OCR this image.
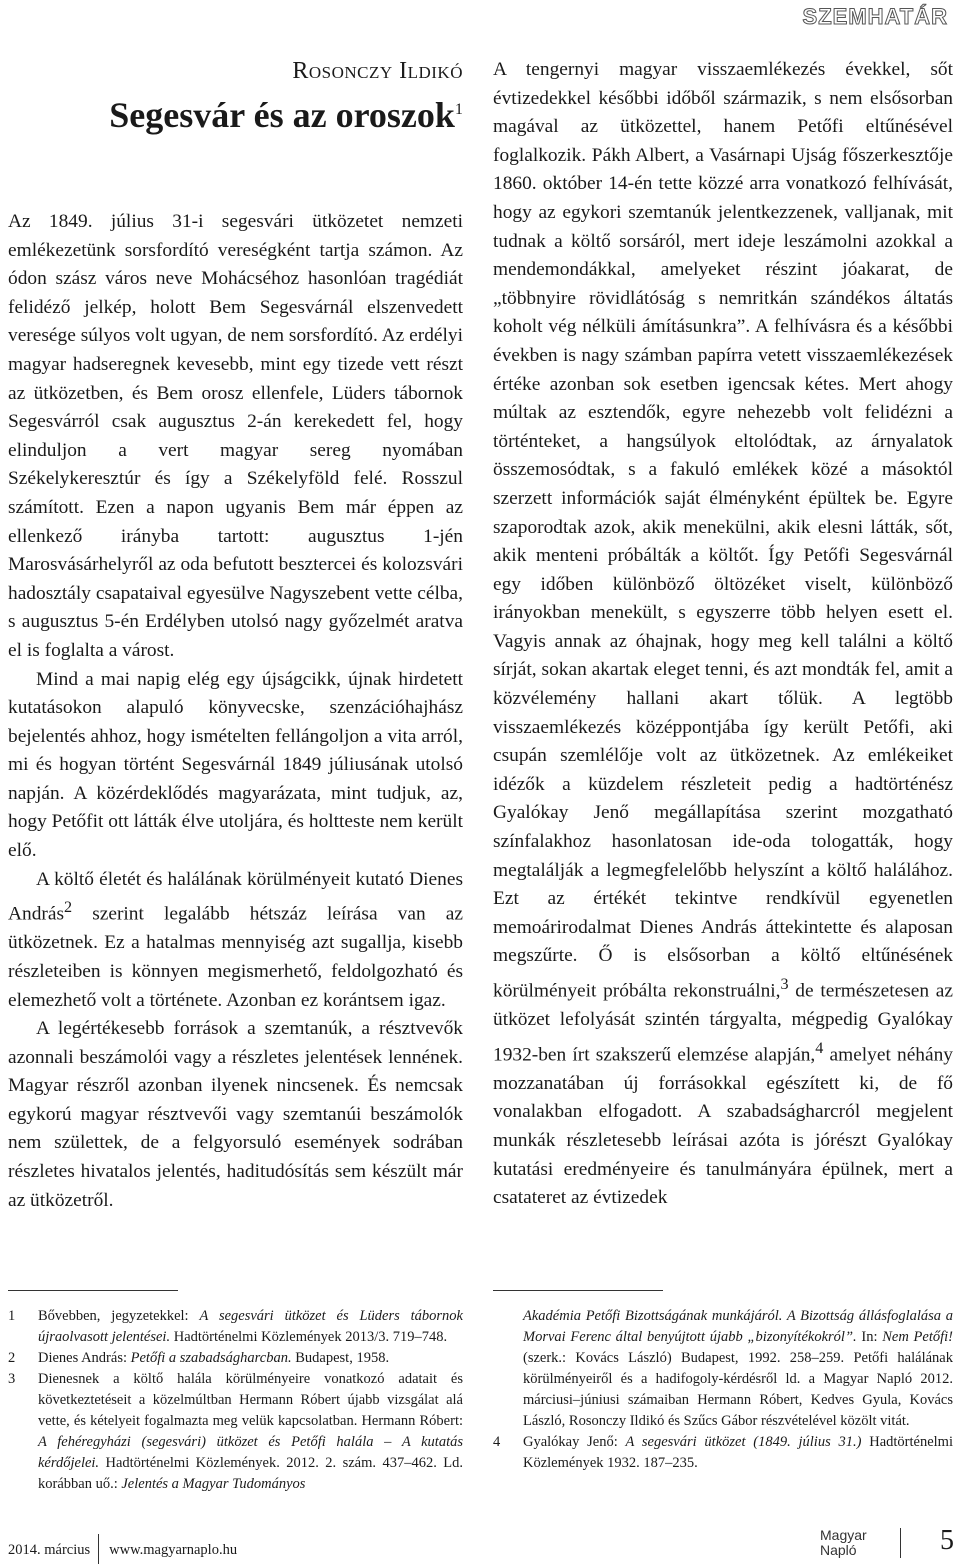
SZEMHATÁR
Rosonczy Ildikó
Segesvár és az oroszok$^1$

Az 1849. július 31-i segesvári ütközetet nemzeti emlékezetünk sorsfordító vereségként tartja számon. Az ódon szász város neve Mohácséhoz hasonlóan tragédiát felidéző jelkép, holott Bem Segesvárnál elszenvedett veresége súlyos volt ugyan, de nem sorsfordító. Az erdélyi magyar hadseregnek kevesebb, mint egy tizede vett részt az ütközetben, és Bem orosz ellenfele, Lüders tábornok Segesvárról csak augusztus 2-án kerekedett fel, hogy elinduljon a vert magyar sereg nyomában Székelykeresztúr és így a Székelyföld felé. Rosszul számított. Ezen a napon ugyanis Bem már éppen az ellenkező irányba tartott: augusztus 1-jén Marosvásárhelyről az oda befutott besztercei és kolozsvári hadosztály csapataival egyesülve Nagyszebent vette célba, s augusztus 5-én Erdélyben utolsó nagy győzelmét aratva el is foglalta a várost.

Mind a mai napig elég egy újságcikk, újnak hirdetett kutatásokon alapuló könyvecske, szenzációhajhász bejelentés ahhoz, hogy ismételten fellángoljon a vita arról, mi és hogyan történt Segesvárnál 1849 júliusának utolsó napján. A közérdeklődés magyarázata, mint tudjuk, az, hogy Petőfit ott látták élve utoljára, és holtteste nem került elő.

A költő életét és halálának körülményeit kutató Dienes András$^2$ szerint legalább hétszáz leírása van az ütközetnek. Ez a hatalmas mennyiség azt sugallja, kisebb részleteiben is könnyen megismerhető, feldolgozható és elemezhető volt a története. Azonban ez korántsem igaz.

A legértékesebb források a szemtanúk, a résztvevők azonnali beszámolói vagy a részletes jelentések lennének. Magyar részről azonban ilyenek nincsenek. És nemcsak egykorú magyar résztvevői vagy szemtanúi beszámolók nem születtek, de a felgyorsuló események sodrában részletes hivatalos jelentés, haditudósítás sem készült már az ütközetről.

A tengernyi magyar visszaemlékezés évekkel, sőt évtizedekkel későbbi időből származik, s nem elsősorban magával az ütközettel, hanem Petőfi eltűnésével foglalkozik. Pákh Albert, a Vasárnapi Ujság főszerkesztője 1860. október 14-én tette közzé arra vonatkozó felhívását, hogy az egykori szemtanúk jelentkezzenek, valljanak, mit tudnak a költő sorsáról, mert ideje leszámolni azokkal a mendemondákkal, amelyeket részint jóakarat, de „többnyire rövidlátóság s nemritkán szándékos áltatás koholt vég nélküli ámításunkra”. A felhívásra és a későbbi években is nagy számban papírra vetett visszaemlékezések értéke azonban sok esetben igencsak kétes. Mert ahogy múltak az esztendők, egyre nehezebb volt felidézni a történteket, a hangsúlyok eltolódtak, az árnyalatok összemosódtak, s a fakuló emlékek közé a másoktól szerzett információk saját élményként épültek be. Egyre szaporodtak azok, akik menekülni, akik elesni látták, sőt, akik menteni próbálták a költőt. Így Petőfi Segesvárnál egy időben különböző öltözéket viselt, különböző irányokban menekült, s egyszerre több helyen esett el. Vagyis annak az óhajnak, hogy meg kell találni a költő sírját, sokan akartak eleget tenni, és azt mondták fel, amit a közvélemény hallani akart tőlük. A legtöbb visszaemlékezés középpontjába így került Petőfi, aki csupán szemlélője volt az ütközetnek. Az emlékeiket idézők a küzdelem részleteit pedig a hadtörténész Gyalókay Jenő megállapítása szerint mozgatható színfalakhoz hasonlatosan ide-oda tologatták, hogy megtalálják a legmegfelelőbb helyszínt a költő halálához. Ezt az értékét tekintve rendkívül egyenetlen memoárirodalmat Dienes András áttekintette és alaposan megszűrte. Ő is elsősorban a költő eltűnésének körülményeit próbálta rekonstruálni,$^3$ de természetesen az ütközet lefolyását szintén tárgyalta, mégpedig Gyalókay 1932-ben írt szakszerű elemzése alapján,$^4$ amelyet néhány mozzanatában új forrásokkal egészített ki, de fő vonalakban elfogadott. A szabadságharcról megjelent munkák részletesebb leírásai azóta is jórészt Gyalókay kutatási eredményeire és tanulmányára épülnek, mert a csatateret az évtizedek

1 Bővebben, jegyzetekkel: A segesvári ütközet és Lüders tábornok újraolvasott jelentései. Hadtörténelmi Közlemények 2013/3. 719–748.

2 Dienes András: Petőfi a szabadságharcban. Budapest, 1958.

3 Dienesnek a költő halála körülményeire vonatkozó adatait és következtetéseit a közelmúltban Hermann Róbert újabb vizsgálat alá vette, és kételyeit fogalmazta meg velük kapcsolatban. Hermann Róbert: A fehéregyházi (segesvári) ütközet és Petőfi halála – A kutatás kérdőjelei. Hadtörténelmi Közlemények. 2012. 2. szám. 437–462. Ld. korábban uő.: Jelentés a Magyar Tudományos

Akadémia Petőfi Bizottságának munkájáról. A Bizottság állásfoglalása a Morvai Ferenc által benyújtott újabb „bizonyítékokról”. In: Nem Petőfi! (szerk.: Kovács László) Budapest, 1992. 258–259. Petőfi halálának körülményeiről és a hadifogoly-kérdésről ld. a Magyar Napló 2012. márciusi–júniusi számaiban Hermann Róbert, Kedves Gyula, Kovács László, Rosonczy Ildikó és Szűcs Gábor részvételével közölt vitát.

4 Gyalókay Jenő: A segesvári ütközet (1849. július 31.) Hadtörténelmi Közlemények 1932. 187–235.

2014. március www.magyarnaplo.hu
Magyar
Napló	5
